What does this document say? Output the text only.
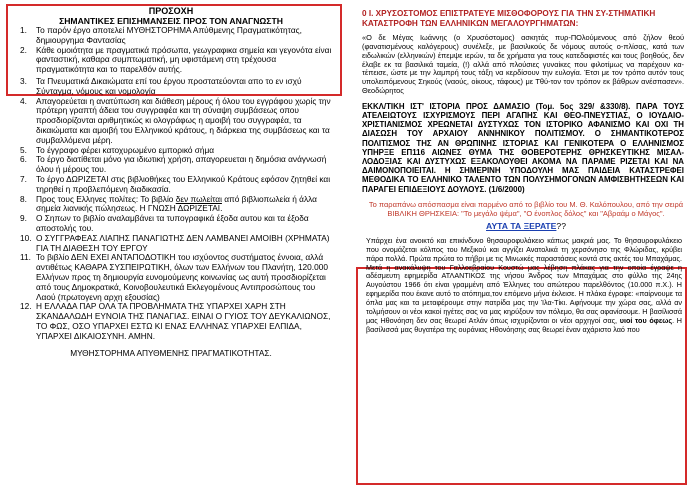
ΠΡΟΣΟΧΗ
ΣΗΜΑΝΤΙΚΕΣ ΕΠΙΣΗΜΑΝΣΕΙΣ ΠΡΟΣ ΤΟΝ ΑΝΑΓΝΩΣΤΗ
1. Το παρόν έργο αποτελεί ΜΥΘΗΣΤΟΡΗΜΑ Απύθμενης Πραγματικότητας, δημιουργημα Φαντασίας
2. Κάθε ομοιότητα με πραγματικά πρόσωπα, γεωγραφικα σημεία και γεγονότα είναι φανταστική, καθαρα συμπτωματική, μη υφιστάμενη στη τρέχουσα πραγματικότητα και το παρελθόν αυτής.
3. Τα Πνευματικά Δικαιώματα επί του έργου προστατεύονται απο το εν ισχύ Σύνταγμα, νόμους και νομολογία
4. Απαγορεύεται η ανατύπωση και διάθεση μέρους ή όλου του εγγράφου χωρίς την πρότερη γραπτή άδεια του συγγραφέα και τη σύναψη συμβάσεως οπου προσδιορίζονται αριθμητικώς κι ολογράφως η αμοιβή του συγγραφέα, τα δικαιώματα και αμοιβή του Ελληνικού κράτους, η διάρκεια της συμβάσεως και τα συμβαλλόμενα μέρη.
5. Το έγγραφο φέρει κατοχυρωμένο εμπορικό σήμα
6. Το έργο διατίθεται μόνο για ιδιωτική χρήση, απαγορευεται η δημόσια ανάγνωσή όλου ή μέρους του.
7. Το έργο ΔΩΡΙΖΕΤΑΙ στις βιβλιοθήκες του Ελληνικού Κράτους εφόσον ζητηθεί και τηρηθεί η προβλεπόμενη διαδικασία.
8. Προς τους Ελληνες πολίτες: Το βιβλίο δεν πωλείται από βιβλιοπωλεία ή άλλα σημεία λιανικής πώλησεως. Η ΓΝΩΣΗ ΔΩΡΙΖΕΤΑΙ.
9. Ο Σηπων το βιβλίο αναλαμβάνει τα τυπογραφικά έξοδα αυτου και τα έξοδα αποστολής του.
10. Ο ΣΥΓΓΡΑΦΕΑΣ ΛΙΑΠΗΣ ΠΑΝΑΓΙΩΤΗΣ ΔΕΝ ΛΑΜΒΑΝΕΙ ΑΜΟΙΒΗ (ΧΡΗΜΑΤΑ) ΓΙΑ ΤΗ ΔΙΑΘΕΣΗ ΤΟΥ ΕΡΓΟΥ
11. Το βιβλίο ΔΕΝ ΕΧΕΙ ΑΝΤΑΠΟΔΟΤΙΚΗ του ισχύοντος συστήματος έννοια, αλλά αντιθέτως ΚΑΘΑΡΑ ΣΥΣΠΕΙΡΩΤΙΚΗ, όλων των Ελλήνων του Πλανήτη, 120.000 Ελλήνων προς τη δημιουργία ευνομούμενης κοινωνίας ως αυτή προσδιορίζεται από τους Δημοκρατικά, Κοινοβουλευτικά Εκλεγομένους Αντιπροσώπους του Λαού (πρωτογενη αρχη εξουσίας)
12. Η ΕΛΛΑΔΑ ΠΑΡ ΟΛΑ ΤΑ ΠΡΟΒΛΗΜΑΤΑ ΤΗΣ ΥΠΑΡΧΕΙ ΧΑΡΗ ΣΤΗ ΣΚΑΝΔΑΛΩΔΗ ΕΥΝΟΙΑ ΤΗΣ ΠΑΝΑΓΙΑΣ. ΕΙΝΑΙ Ο ΓΥΙΟΣ ΤΟΥ ΔΕΥΚΑΛΙΩΝΟΣ, ΤΟ ΦΩΣ, ΟΣΟ ΥΠΑΡΧΕΙ ΕΣΤΩ ΚΙ ΕΝΑΣ ΕΛΛΗΝΑΣ ΥΠΑΡΧΕΙ ΕΛΠΙΔΑ, ΥΠΑΡΧΕΙ ΔΙΚΑΙΟΣΥΝΗ. ΑΜΗΝ.
ΜΥΘΗΣΤΟΡΗΜΑ ΑΠΥΘΜΕΝΗΣ ΠΡΑΓΜΑΤΙΚΟΤΗΤΑΣ.
0 Ι. ΧΡΥΣΟΣΤΟΜΟΣ ΕΠΙΣΤΡΑΤΕΥΕ ΜΙΣΘΟΦΟΡΟΥΣ ΓΙΑ ΤΗΝ ΣΥ-ΣΤΗΜΑΤΙΚΗ ΚΑΤΑΣΤΡΟΦΗ ΤΩΝ ΕΛΛΗΝΙΚΩΝ ΜΕΓΑΛΟΥΡΓΗΜΑΤΩΝ:
«Ο δε Μέγας Ιωάννης (ο Χρυσόστομος) ασκητάς πυρ-ΠΟλούμενους από ζήλον θεού (φανατισμένους καλόγερους) συνέλεξε, με βασιλικούς δε νόμους αυτούς ο-πλίσας, κατά των ειδωλικών (ελληνικών) έπεμψε ιερών, τα δε χρήματα για τους κατεδαφιστές και τους βοηθούς, δεν έλαβε εκ τα βασιλικά ταμεία, (!) αλλά από πλούσιες γυναίκες που φιλοτίμως να παρέχουν κα-τέπεισε, ώστε με την λαμπρή τους τάξη να κερδίσουν την ευλογία. Έτσι με τον τρόπο αυτόν τους υπολειπόμενους Σηκούς (ναούς, οίκους, τάφους) με Τθύ-τον τον τρόπον εκ βάθρων ανέσπασεν». Θεοδώρητος
ΕΚΚΛ/ΤΙΚΗ ΙΣΤ' ΙΣΤΟΡΙΑ ΠΡΟΣ ΔΑΜΑΣΙΟ (Τομ. 5ος 329/ &330/8). ΠΑΡΑ ΤΟΥΣ ΑΤΕΛΕΙΩΤΟΥΣ ΙΣΧΥΡΙΣΜΟΥΣ ΠΕΡΙ ΑΓΑΠΗΣ ΚΑΙ ΘΕΟ-ΠΝΕΥΣΤΙΑΣ, Ο ΙΟΥΔΑΙΟ-ΧΡΙΣΤΙΑΝΙΣΜΟΣ ΧΡΕΩΝΕΤΑΙ ΔΥΣΤΥΧΩΣ ΤΟΝ ΙΣΤΟΡΙΚΟ ΑΦΑΝΙΣΜΟ ΚΑΙ ΟΧΙ ΤΗ ΔΙΑΣΩΣΗ ΤΟΥ ΑΡΧΑΙΟΥ ΑΝΝΗΝΙΚΟΥ ΠΟΛΙΤΙΣΜΟΥ. Ο ΣΗΜΑΝΤΙΚΟΤΕΡΟΣ ΠΟΛΙΤΙΣΜΟΣ ΤΗΣ ΑΝ ΘΡΩΠΙΝΗΣ ΙΣΤΟΡΙΑΣ ΚΑΙ ΓΕΝΙΚΟΤΕΡΑ Ο ΕΛΛΗΝΙΣΜΟΣ ΥΠΗΡΞΕ ΕΠ116 ΑΙΩΝΕΣ ΘΥΜΑ ΤΗΣ ΘΟΒΕΡΟΤΕΡΗΣ ΘΡΗΣΚΕΥΤΙΚΗΣ ΜΙΣΑΛ- ΛΟΔΟΞΙΑΣ ΚΑΙ ΔΥΣΤΥΧΩΣ ΕΞΑΚΟΛΟΥΘΕΙ ΑΚΟΜΑ ΝΑ ΠΑΡΑΜΕ ΡΙΖΕΤΑΙ ΚΑΙ ΝΑ ΔΑΙΜΟΝΟΠΟΙΕΙΤΑΙ. Η ΣΗΜΕΡΙΝΗ ΥΠΟΔΟΥΛΗ ΜΑΣ ΠΑΙΔΕΙΑ ΚΑΤΑΣΤΡΕΦΕΙ ΜΕΘΟΔΙΚΑ ΤΟ ΕΛΛΗΝΙΚΟ ΤΑΛΕΝΤΟ ΤΩΝ ΠΟΛΥΣΗΜΟΓΟΝΩΝ ΑΜΦΙΣΒΗΤΗΣΕΩΝ ΚΑΙ ΠΑΡΑΓΕΙ ΕΠΙΔΕΞΙΟΥΣ ΔΟΥΛΟΥΣ. (1/6/2000)
Το παραπάνω απόσπασμα είναι παρμένο από το βιβλίο του Μ. Θ. Καλόπουλου, από την σειρά ΒΙΒΛΙΚΗ ΘΡΗΣΚΕΙΑ: "Το μεγάλο ψέμα", "Ο ένοπλος δόλος" και "Αβραάμ ο Μάγος".
ΑΥΤΑ ΤΑ ΞΕΡΑΤΕ??
Υπάρχει ένα ανοικτό και επικίνδυνο θησαυροφυλάκειο κάπως μακριά μας. Το θησαυροφυλάκειο που ονομάζεται κόλπος του Μεξικού και αγγίζει Ανατολικά τη χερσόνησο της Φλώριδας, κρύβει πάρα πολλά. Πρώτα πρώτα το πήβρι με τις Μινωικές παραστάσεις κοντά στις ακτές του Μπαχάμας. Μετά η ανακάλυψη του Γαλλοεβραίου Κουστώ μας λέβηση πλάκας για την οποία έγραψε η αδέσμευτη εφημερίδα ΑΤΛΑΝΤΙΚΟΣ της νήσου Άνδρος των Μπαχάμας στο φύλλο της 24ης Αυγούστου 1966 ότι είναι γραμμένη από Έλληνες του απώτερου παρελθόντος (10.000 π.Χ.). Η εφημερίδα που έκανε αυτό το ατόπημα,τον επόμενο μήνα έκλεισε. Η πλάκα έγραφε: «παίρνουμε τα όπλα μας και τα μεταφέρουμε στην πατρίδα μας την Ίλα-Τίκι. Αφήνουμε την χώρα σας, αλλά αν τολμήσουν οι νέοι κακοί ηγέτες σας να μας κηρύξουν τον πόλεμο, θα σας αφανίσουμε. Η βασίλισσά μας Ηθονόηση δεν σας θεωρεί Ατλάν όπως ισχυρίζονται οι νέοι αρχηγοί σας, υιοί του όφεως. Η βασίλισσά μας θυγατέρα της ουράνιας Ηθονόησης σας θεωρεί έναν αχάριστο λαό που
